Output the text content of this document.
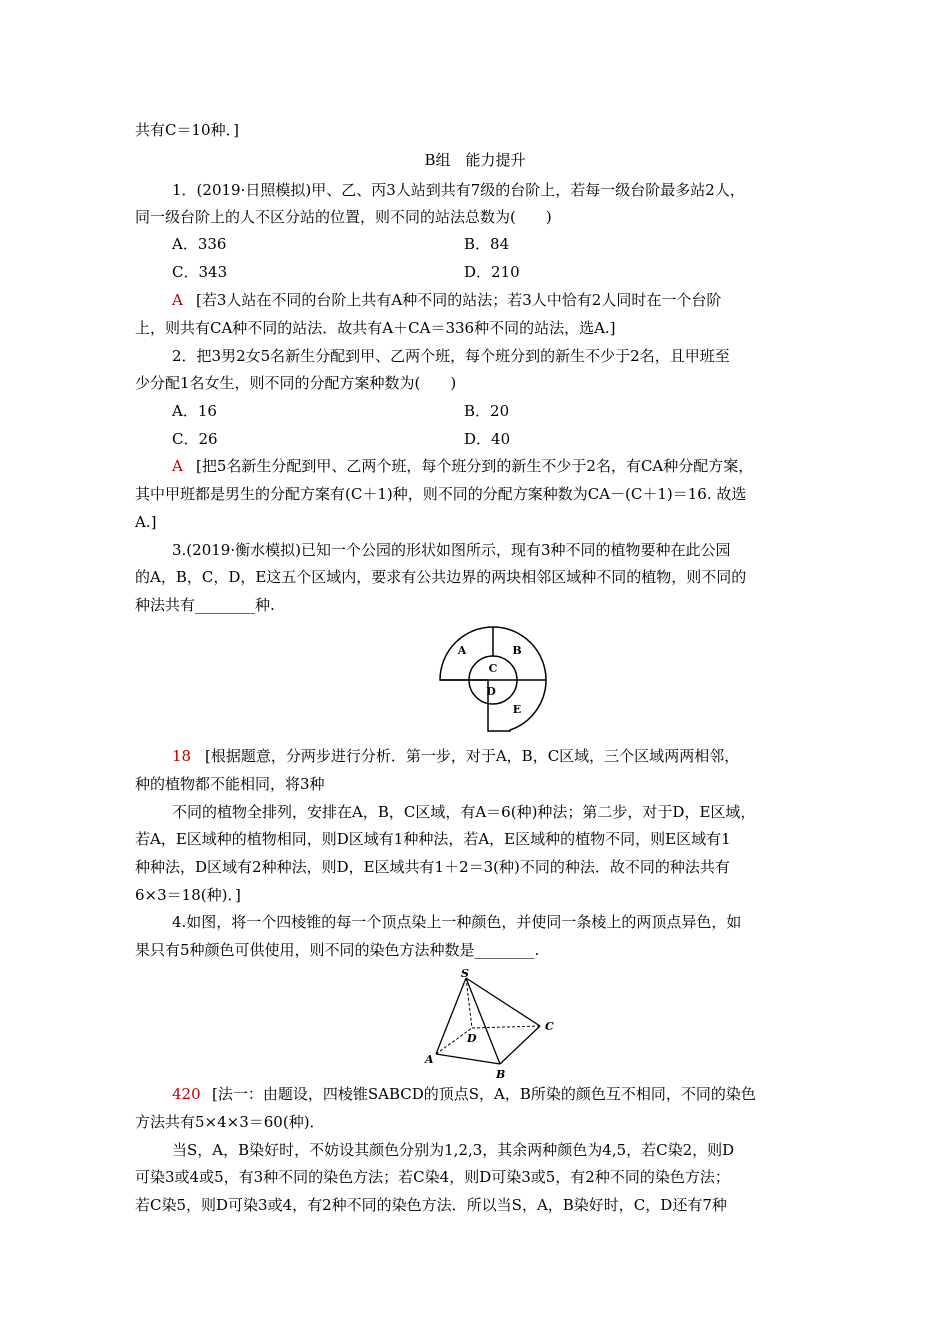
共有C＝10种．]
B组　能力提升
1．(2019·日照模拟)甲、乙、丙3人站到共有7级的台阶上，若每一级台阶最多站2人，
同一级台阶上的人不区分站的位置，则不同的站法总数为(　　)
A．336	B．84
C．343	D．210
A [若3人站在不同的台阶上共有A种不同的站法；若3人中恰有2人同时在一个台阶
上，则共有CA种不同的站法．故共有A＋CA＝336种不同的站法，选A.]
2．把3男2女5名新生分配到甲、乙两个班，每个班分到的新生不少于2名，且甲班至
少分配1名女生，则不同的分配方案种数为(　　)
A．16	B．20
C．26	D．40
A [把5名新生分配到甲、乙两个班，每个班分到的新生不少于2名，有CA种分配方案，
其中甲班都是男生的分配方案有(C＋1)种，则不同的分配方案种数为CA－(C＋1)＝16. 故选
A.]
3.(2019·衡水模拟)已知一个公园的形状如图所示，现有3种不同的植物要种在此公园
的A，B，C，D，E这五个区域内，要求有公共边界的两块相邻区域种不同的植物，则不同的
种法共有________种.
A	B
C
D
E
18 [根据题意，分两步进行分析．第一步，对于A，B，C区域，三个区域两两相邻，
种的植物都不能相同，将3种
不同的植物全排列，安排在A，B，C区域，有A＝6(种)种法；第二步，对于D，E区域，
若A，E区域种的植物相同，则D区域有1种种法，若A，E区域种的植物不同，则E区域有1
种种法，D区域有2种种法，则D，E区域共有1＋2＝3(种)不同的种法．故不同的种法共有
6×3＝18(种)．]
4.如图，将一个四棱锥的每一个顶点染上一种颜色，并使同一条棱上的两顶点异色，如
果只有5种颜色可供使用，则不同的染色方法种数是________.
S
A
B
C
D
420 [法一：由题设，四棱锥SABCD的顶点S，A，B所染的颜色互不相同，不同的染色
方法共有5×4×3＝60(种)．
当S，A，B染好时，不妨设其颜色分别为1,2,3，其余两种颜色为4,5，若C染2，则D
可染3或4或5，有3种不同的染色方法；若C染4，则D可染3或5，有2种不同的染色方法；
若C染5，则D可染3或4，有2种不同的染色方法．所以当S，A，B染好时，C，D还有7种
